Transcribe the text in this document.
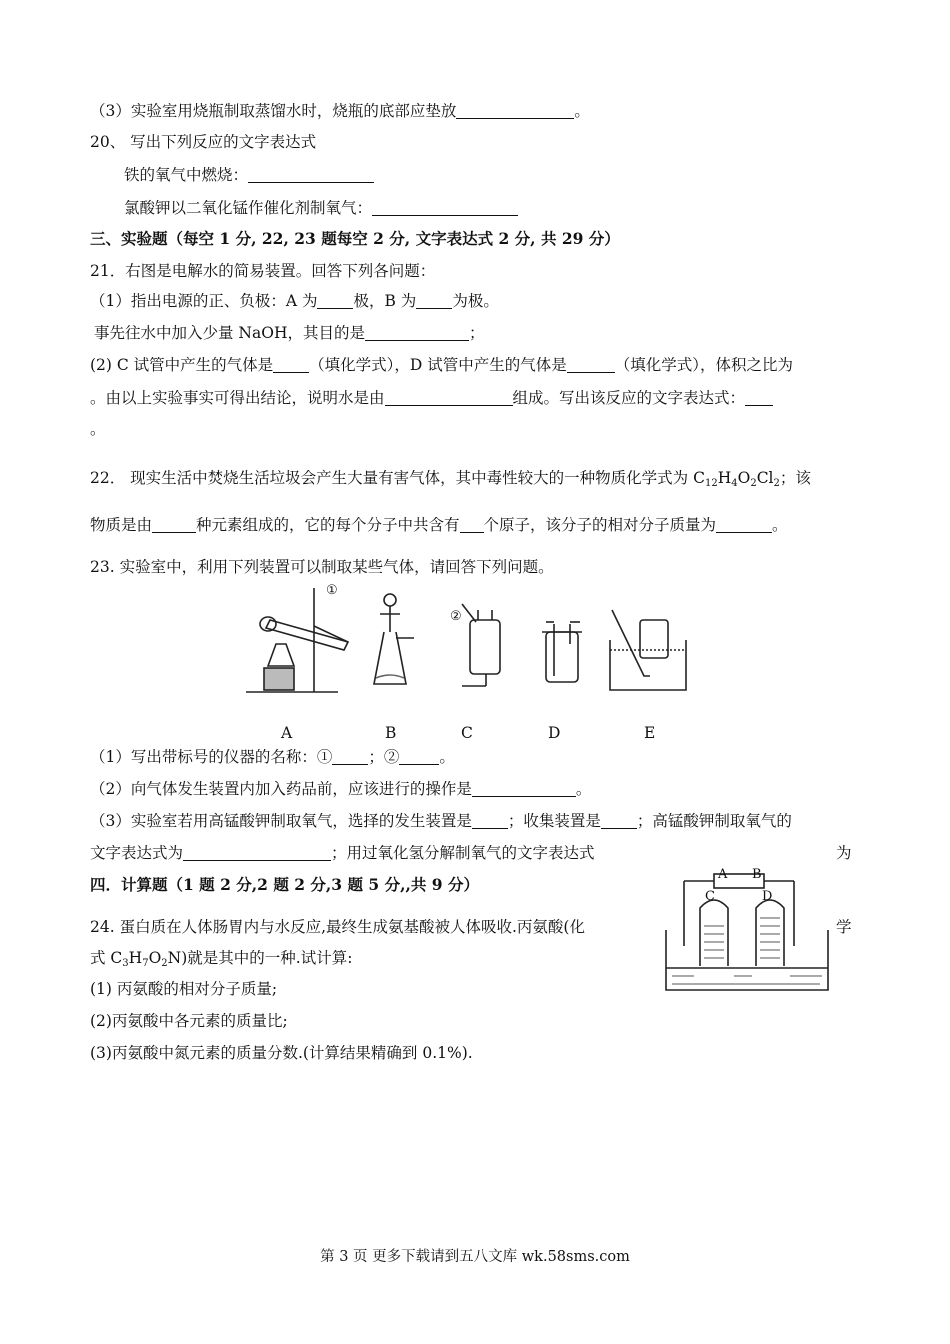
（3）实验室用烧瓶制取蒸馏水时，烧瓶的底部应垫放	。
20、 写出下列反应的文字表达式
铁的氧气中燃烧：
氯酸钾以二氧化锰作催化剂制氧气：
三、实验题（每空 1 分, 22, 23 题每空 2 分, 文字表达式 2 分, 共 29 分）
21．右图是电解水的简易装置。回答下列各问题：
（1）指出电源的正、负极：A 为 极，B 为 为极。
事先往水中加入少量 NaOH，其目的是	；
(2) C 试管中产生的气体是 （填化学式），D 试管中产生的气体是	（填化学式），体积之比为
。由以上实验事实可得出结论，说明水是由	组成。写出该反应的文字表达式：
。
22． 现实生活中焚烧生活垃圾会产生大量有害气体，其中毒性较大的一种物质化学式为 $C_{12}H_4O_2Cl_2$；该
物质是由	种元素组成的，它的每个分子中共含有 个原子，该分子的相对分子质量为	。
23. 实验室中，利用下列装置可以制取某些气体，请回答下列问题。
A	B	C	D	E
①
②
（1）写出带标号的仪器的名称：① ；②	。
（2）向气体发生装置内加入药品前，应该进行的操作是	。
（3）实验室若用高锰酸钾制取氧气，选择的发生装置是 ；收集装置是 ；高锰酸钾制取氧气的
文字表达式为	；用过氧化氢分解制氧气的文字表达式	为
四．计算题（1 题 2 分,2 题 2 分,3 题 5 分,,共 9 分）
A B
C	D
24. 蛋白质在人体肠胃内与水反应,最终生成氨基酸被人体吸收.丙氨酸(化	学
式 $C_3H_7O_2N$)就是其中的一种.试计算:
(1) 丙氨酸的相对分子质量;
(2)丙氨酸中各元素的质量比;
(3)丙氨酸中氮元素的质量分数.(计算结果精确到 0.1%).
第 3 页 更多下载请到五八文库 wk.58sms.com
